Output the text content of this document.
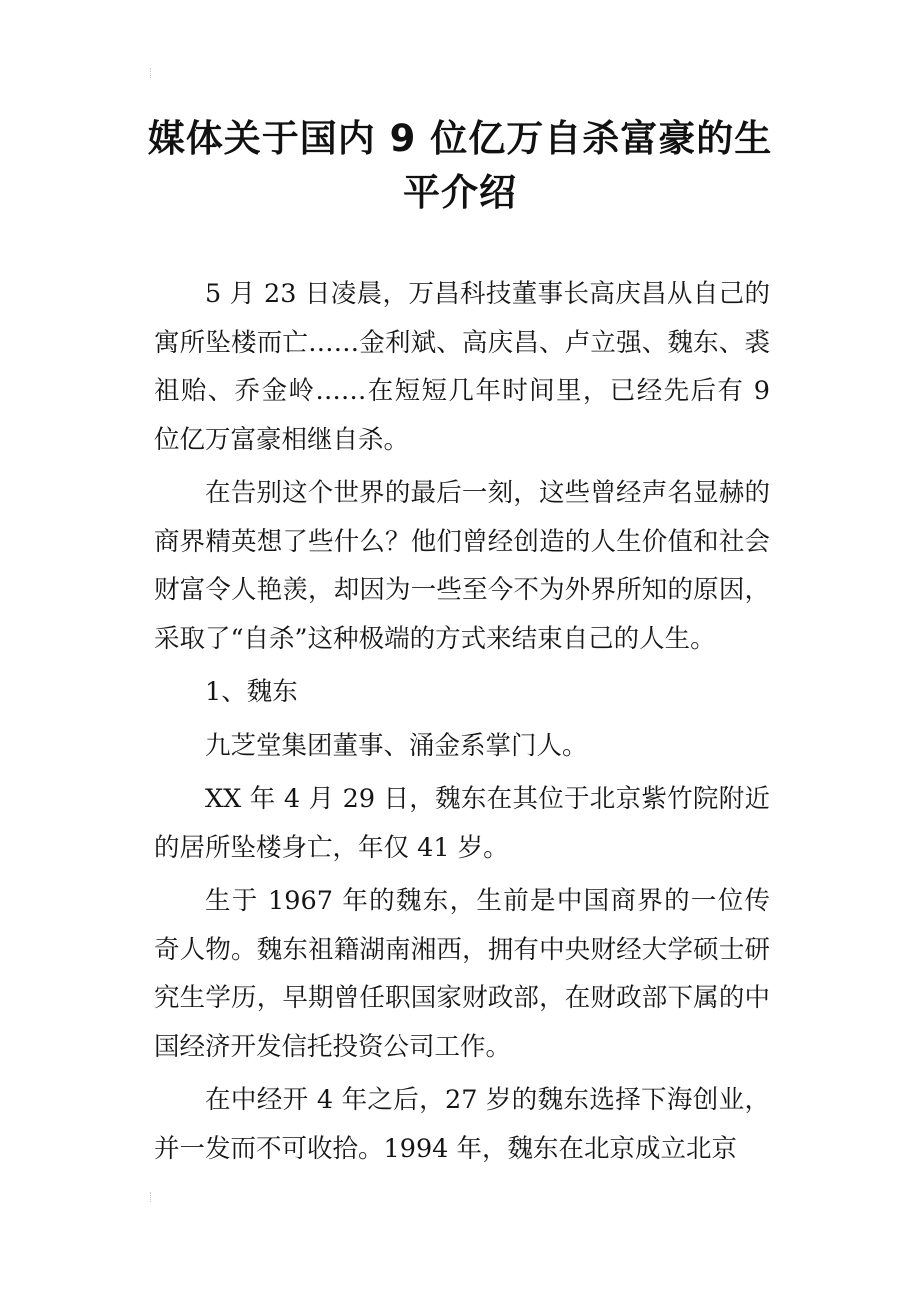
媒体关于国内 9 位亿万自杀富豪的生平介绍

5 月 23 日凌晨，万昌科技董事长高庆昌从自己的寓所坠楼而亡……金利斌、高庆昌、卢立强、魏东、裘祖贻、乔金岭……在短短几年时间里，已经先后有 9 位亿万富豪相继自杀。

在告别这个世界的最后一刻，这些曾经声名显赫的商界精英想了些什么？他们曾经创造的人生价值和社会财富令人艳羡，却因为一些至今不为外界所知的原因，采取了“自杀”这种极端的方式来结束自己的人生。

1、魏东

九芝堂集团董事、涌金系掌门人。

XX 年 4 月 29 日，魏东在其位于北京紫竹院附近的居所坠楼身亡，年仅 41 岁。

生于 1967 年的魏东，生前是中国商界的一位传奇人物。魏东祖籍湖南湘西，拥有中央财经大学硕士研究生学历，早期曾任职国家财政部，在财政部下属的中国经济开发信托投资公司工作。

在中经开 4 年之后，27 岁的魏东选择下海创业，并一发而不可收拾。1994 年，魏东在北京成立北京
